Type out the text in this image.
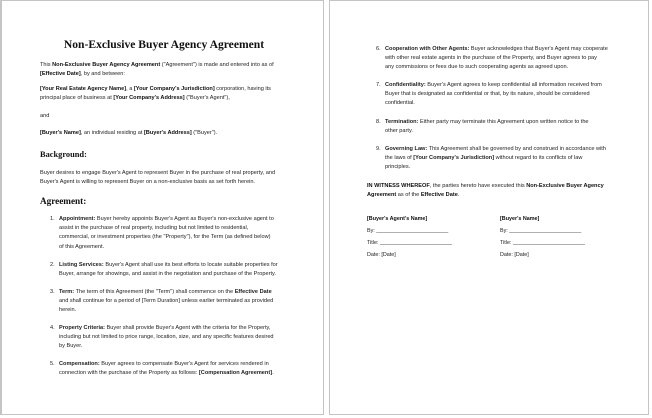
Non-Exclusive Buyer Agency Agreement
This Non-Exclusive Buyer Agency Agreement ("Agreement") is made and entered into as of
[Effective Date], by and between:
[Your Real Estate Agency Name], a [Your Company's Jurisdiction] corporation, having its
principal place of business at [Your Company's Address] ("Buyer's Agent"),
and
[Buyer's Name], an individual residing at [Buyer's Address] ("Buyer").
Background:
Buyer desires to engage Buyer's Agent to represent Buyer in the purchase of real property, and
Buyer's Agent is willing to represent Buyer on a non-exclusive basis as set forth herein.
Agreement:
1. Appointment: Buyer hereby appoints Buyer's Agent as Buyer's non-exclusive agent to
assist in the purchase of real property, including but not limited to residential,
commercial, or investment properties (the "Property"), for the Term (as defined below)
of this Agreement.
2. Listing Services: Buyer's Agent shall use its best efforts to locate suitable properties for
Buyer, arrange for showings, and assist in the negotiation and purchase of the Property.
3. Term: The term of this Agreement (the "Term") shall commence on the Effective Date
and shall continue for a period of [Term Duration] unless earlier terminated as provided
herein.
4. Property Criteria: Buyer shall provide Buyer's Agent with the criteria for the Property,
including but not limited to price range, location, size, and any specific features desired
by Buyer.
5. Compensation: Buyer agrees to compensate Buyer's Agent for services rendered in
connection with the purchase of the Property as follows: [Compensation Agreement].
6. Cooperation with Other Agents: Buyer acknowledges that Buyer's Agent may cooperate
with other real estate agents in the purchase of the Property, and Buyer agrees to pay
any commissions or fees due to such cooperating agents as agreed upon.
7. Confidentiality: Buyer's Agent agrees to keep confidential all information received from
Buyer that is designated as confidential or that, by its nature, should be considered
confidential.
8. Termination: Either party may terminate this Agreement upon written notice to the
other party.
9. Governing Law: This Agreement shall be governed by and construed in accordance with
the laws of [Your Company's Jurisdiction] without regard to its conflicts of law
principles.
IN WITNESS WHEREOF, the parties hereto have executed this Non-Exclusive Buyer Agency
Agreement as of the Effective Date.
[Buyer's Agent's Name]
By: ________________________
Title: ________________________
Date: [Date]
[Buyer's Name]
By: ________________________
Title: ________________________
Date: [Date]
